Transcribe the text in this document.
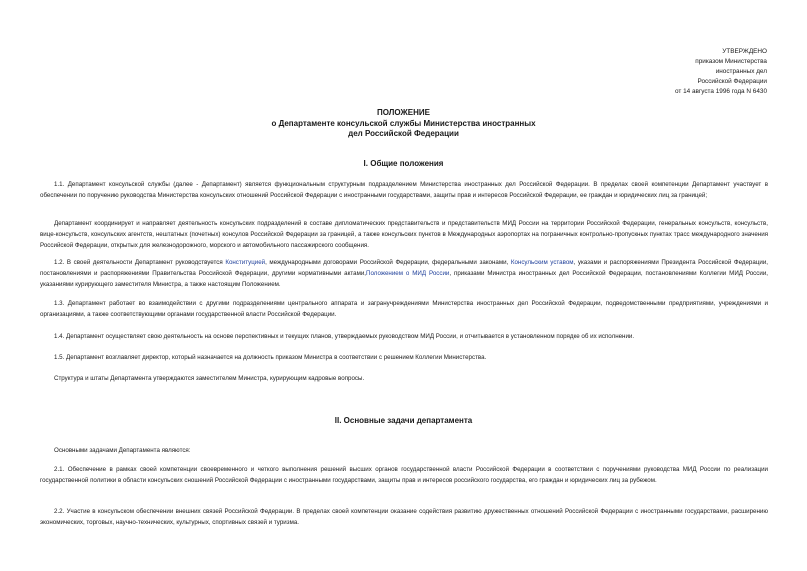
УТВЕРЖДЕНО
приказом Министерства
иностранных дел
Российской Федерации
от 14 августа 1996 года N 6430
ПОЛОЖЕНИЕ
о Департаменте консульской службы Министерства иностранных
дел Российской Федерации
I. Общие положения
1.1. Департамент консульской службы (далее - Департамент) является функциональным структурным подразделением Министерства иностранных дел Российской Федерации. В пределах своей компетенции Департамент участвует в обеспечении по поручению руководства Министерства консульских отношений Российской Федерации с иностранными государствами, защиты прав и интересов Российской Федерации, ее граждан и юридических лиц за границей;
Департамент координирует и направляет деятельность консульских подразделений в составе дипломатических представительств и представительств МИД России на территории Российской Федерации, генеральных консульств, консульств, вице-консульств, консульских агентств, нештатных (почетных) консулов Российской Федерации за границей, а также консульских пунктов в Международных аэропортах на пограничных контрольно-пропускных пунктах трасс международного значения Российской Федерации, открытых для железнодорожного, морского и автомобильного пассажирского сообщения.
1.2. В своей деятельности Департамент руководствуется Конституцией, международными договорами Российской Федерации, федеральными законами, Консульским уставом, указами и распоряжениями Президента Российской Федерации, постановлениями и распоряжениями Правительства Российской Федерации, другими нормативными актами,Положением о МИД России, приказами Министра иностранных дел Российской Федерации, постановлениями Коллегии МИД России, указаниями курирующего заместителя Министра, а также настоящим Положением.
1.3. Департамент работает во взаимодействии с другими подразделениями центрального аппарата и загранучреждениями Министерства иностранных дел Российской Федерации, подведомственными предприятиями, учреждениями и организациями, а также соответствующими органами государственной власти Российской Федерации.
1.4. Департамент осуществляет свою деятельность на основе перспективных и текущих планов, утверждаемых руководством МИД России, и отчитывается в установленном порядке об их исполнении.
1.5. Департамент возглавляет директор, который назначается на должность приказом Министра в соответствии с решением Коллегии Министерства.
Структура и штаты Департамента утверждаются заместителем Министра, курирующим кадровые вопросы.
II. Основные задачи департамента
Основными задачами Департамента являются:
2.1. Обеспечение в рамках своей компетенции своевременного и четкого выполнения решений высших органов государственной власти Российской Федерации в соответствии с поручениями руководства МИД России по реализации государственной политики в области консульских сношений Российской Федерации с иностранными государствами, защиты прав и интересов российского государства, его граждан и юридических лиц за рубежом.
2.2. Участие в консульском обеспечении внешних связей Российской Федерации. В пределах своей компетенции оказание содействия развитию дружественных отношений Российской Федерации с иностранными государствами, расширению экономических, торговых, научно-технических, культурных, спортивных связей и туризма.
